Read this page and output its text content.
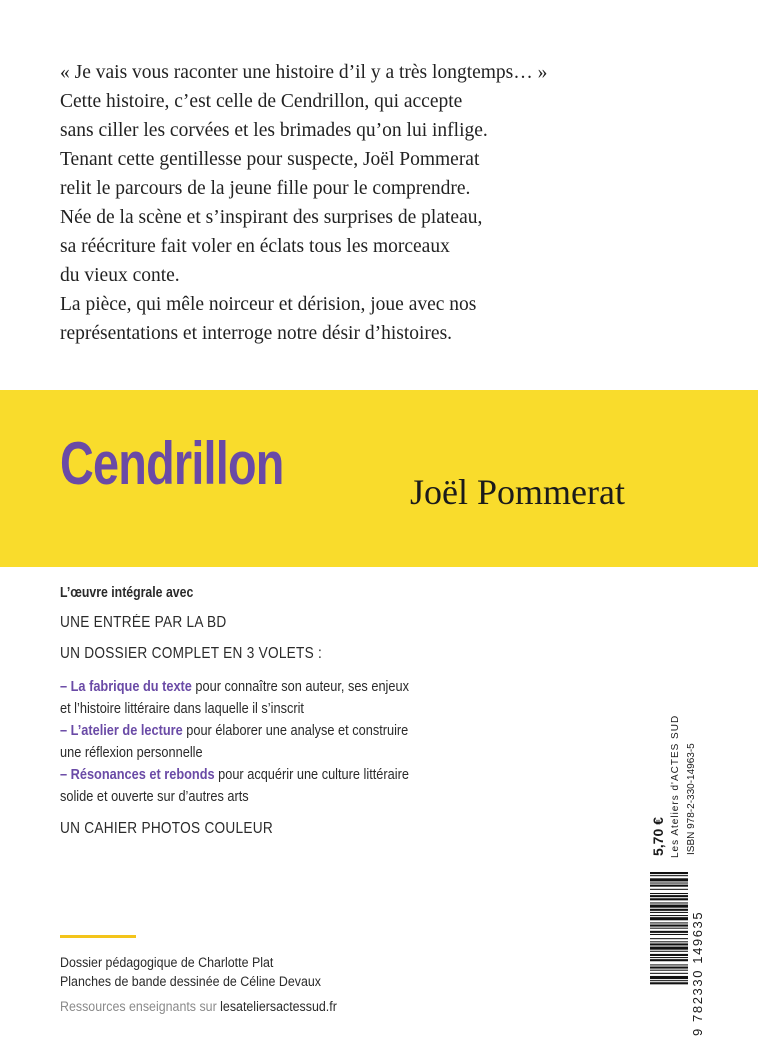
« Je vais vous raconter une histoire d’il y a très longtemps… »

Cette histoire, c’est celle de Cendrillon, qui accepte

sans ciller les corvées et les brimades qu’on lui inflige.

Tenant cette gentillesse pour suspecte, Joël Pommerat

relit le parcours de la jeune fille pour le comprendre.

Née de la scène et s’inspirant des surprises de plateau,

sa réécriture fait voler en éclats tous les morceaux

du vieux conte.

La pièce, qui mêle noirceur et dérision, joue avec nos

représentations et interroge notre désir d’histoires.

Cendrillon	Joël Pommerat
L’œuvre intégrale avec
UNE ENTRÉE PAR LA BD
UN DOSSIER COMPLET EN 3 VOLETS :
– La fabrique du texte pour connaître son auteur, ses enjeux
et l’histoire littéraire dans laquelle il s’inscrit
– L’atelier de lecture pour élaborer une analyse et construire
une réflexion personnelle
– Résonances et rebonds pour acquérir une culture littéraire
solide et ouverte sur d’autres arts
UN CAHIER PHOTOS COULEUR
Dossier pédagogique de Charlotte Plat
Planches de bande dessinée de Céline Devaux
Ressources enseignants sur lesateliersactessud.fr
5,70 € Les Ateliers d'ACTES SUD ISBN 978-2-330-14963-5
9 782330 149635
